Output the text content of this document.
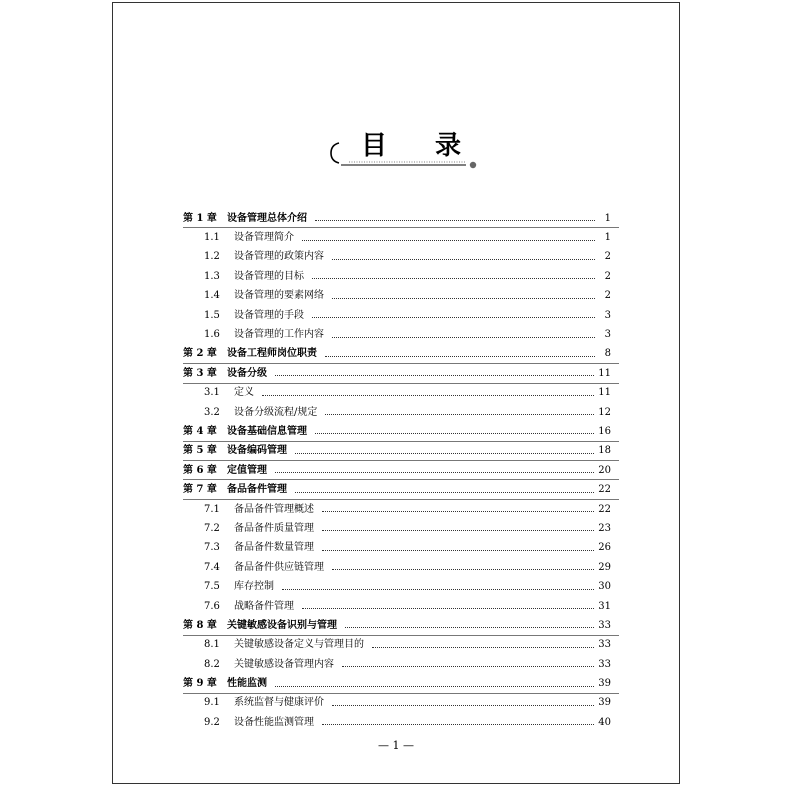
目录
第 1 章	设备管理总体介绍	1
1.1	设备管理简介	1
1.2	设备管理的政策内容	2
1.3	设备管理的目标	2
1.4	设备管理的要素网络	2
1.5	设备管理的手段	3
1.6	设备管理的工作内容	3
第 2 章	设备工程师岗位职责	8
第 3 章	设备分级	11
3.1	定义	11
3.2	设备分级流程/规定	12
第 4 章	设备基础信息管理	16
第 5 章	设备编码管理	18
第 6 章	定值管理	20
第 7 章	备品备件管理	22
7.1	备品备件管理概述	22
7.2	备品备件质量管理	23
7.3	备品备件数量管理	26
7.4	备品备件供应链管理	29
7.5	库存控制	30
7.6	战略备件管理	31
第 8 章	关键敏感设备识别与管理	33
8.1	关键敏感设备定义与管理目的	33
8.2	关键敏感设备管理内容	33
第 9 章	性能监测	39
9.1	系统监督与健康评价	39
9.2	设备性能监测管理	40
— 1 —
